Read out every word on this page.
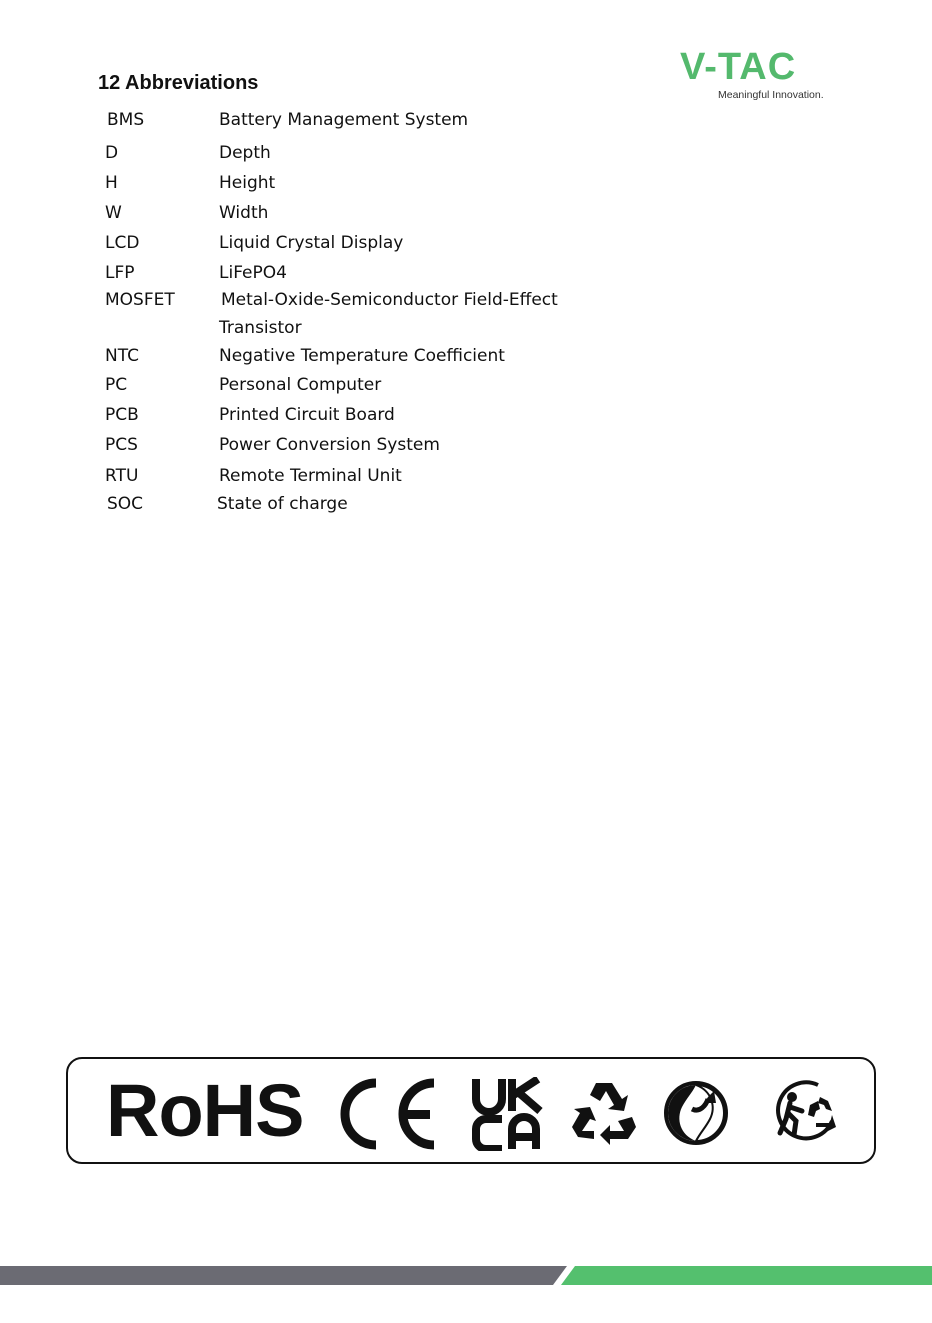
V-TAC
Meaningful Innovation.
12 Abbreviations
BMS	Battery Management System
D	Depth
H	Height
W	Width
LCD	Liquid Crystal Display
LFP	LiFePO4
MOSFET	Metal-Oxide-Semiconductor Field-Effect
Transistor
NTC	Negative Temperature Coefficient
PC	Personal Computer
PCB	Printed Circuit Board
PCS	Power Conversion System
RTU	Remote Terminal Unit
SOC	State of charge
RoHS
